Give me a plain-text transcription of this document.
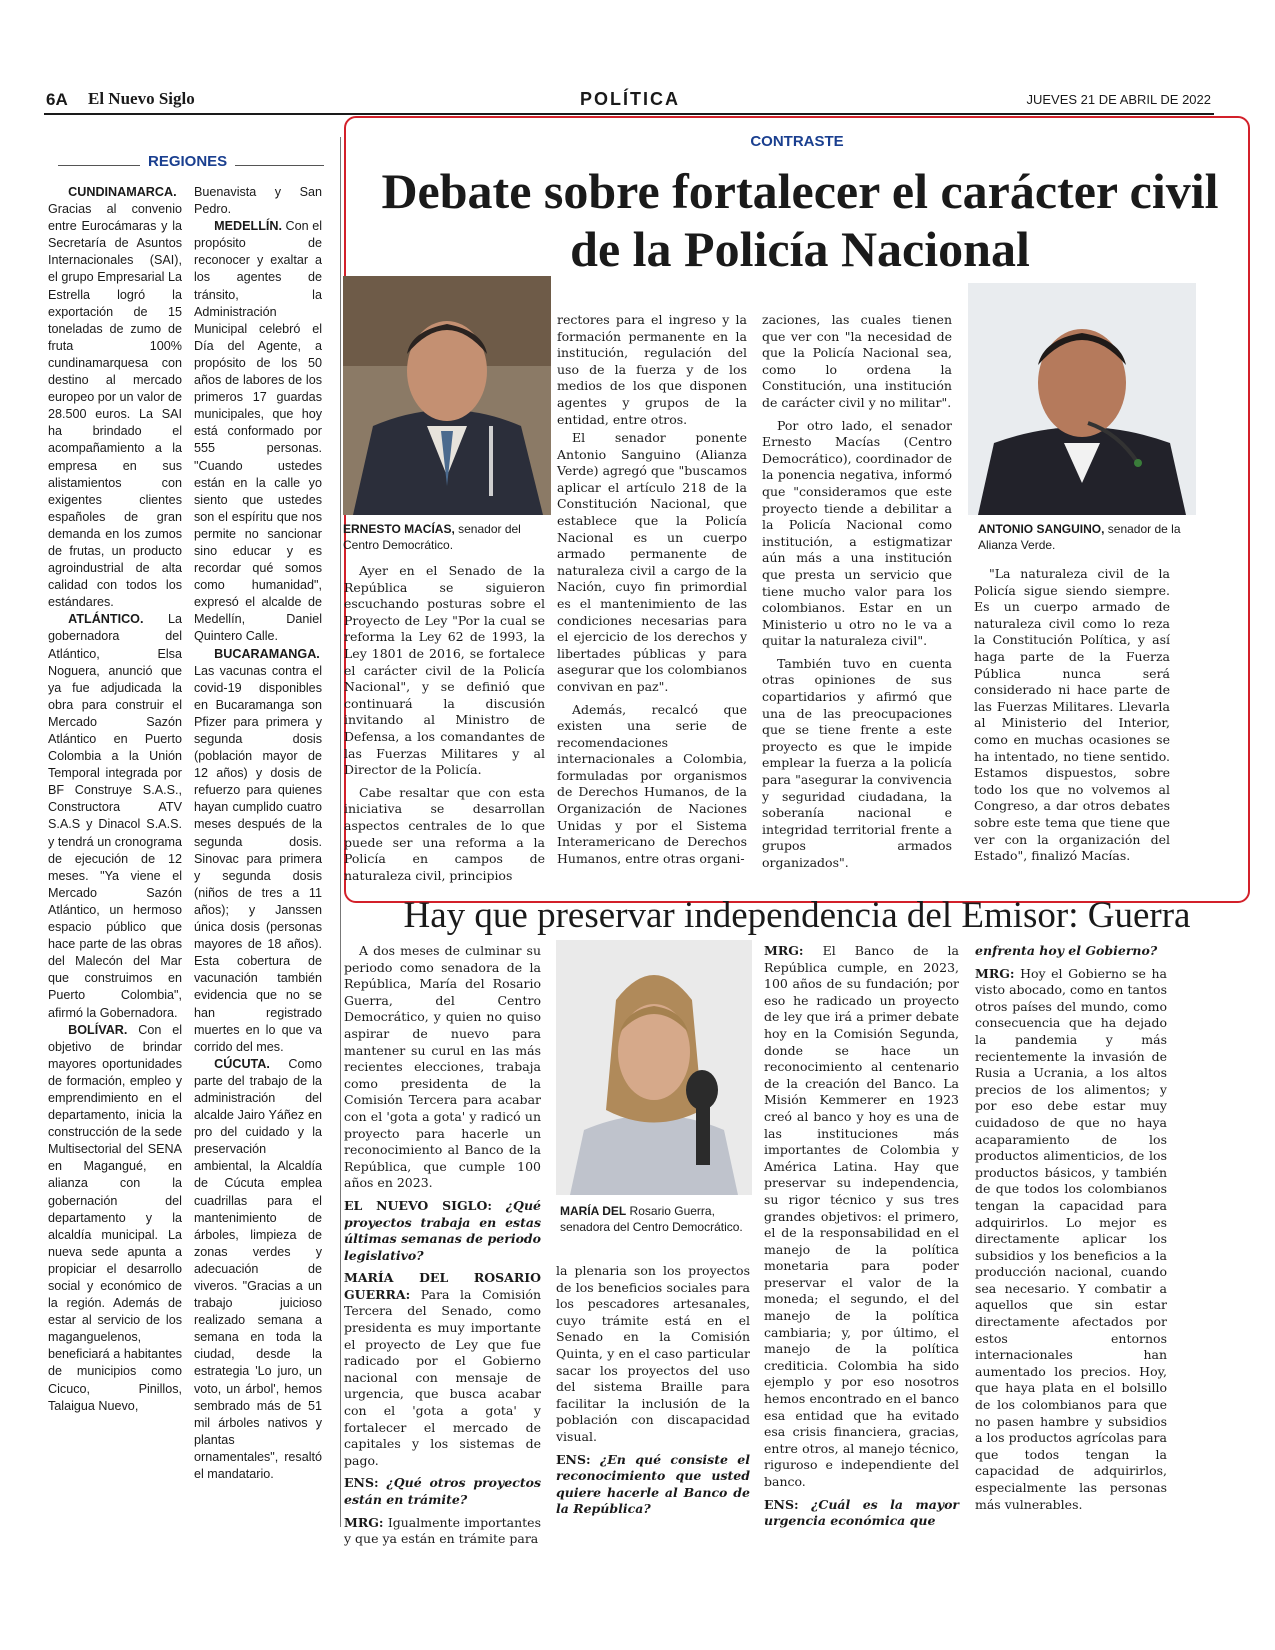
6A El Nuevo Siglo	POLÍTICA	JUEVES 21 DE ABRIL DE 2022
REGIONES

CUNDINAMARCA. Gracias al convenio entre Eurocámaras y la Secretaría de Asuntos Internacionales (SAI), el grupo Empresarial La Estrella logró la exportación de 15 toneladas de zumo de fruta 100% cundinamarquesa con destino al mercado europeo por un valor de 28.500 euros. La SAI ha brindado el acompañamiento a la empresa en sus alistamientos con exigentes clientes españoles de gran demanda en los zumos de frutas, un producto agroindustrial de alta calidad con todos los estándares.

ATLÁNTICO. La gobernadora del Atlántico, Elsa Noguera, anunció que ya fue adjudicada la obra para construir el Mercado Sazón Atlántico en Puerto Colombia a la Unión Temporal integrada por BF Construye S.A.S., Constructora ATV S.A.S y Dinacol S.A.S. y tendrá un cronograma de ejecución de 12 meses. "Ya viene el Mercado Sazón Atlántico, un hermoso espacio público que hace parte de las obras del Malecón del Mar que construimos en Puerto Colombia", afirmó la Gobernadora.

BOLÍVAR. Con el objetivo de brindar mayores oportunidades de formación, empleo y emprendimiento en el departamento, inicia la construcción de la sede Multisectorial del SENA en Magangué, en alianza con la gobernación del departamento y la alcaldía municipal. La nueva sede apunta a propiciar el desarrollo social y económico de la región. Además de estar al servicio de los maganguelenos, beneficiará a habitantes de municipios como Cicuco, Pinillos, Talaigua Nuevo,

Buenavista y San Pedro.

MEDELLÍN. Con el propósito de reconocer y exaltar a los agentes de tránsito, la Administración Municipal celebró el Día del Agente, a propósito de los 50 años de labores de los primeros 17 guardas municipales, que hoy está conformado por 555 personas. "Cuando ustedes están en la calle yo siento que ustedes son el espíritu que nos permite no sancionar sino educar y es recordar qué somos como humanidad", expresó el alcalde de Medellín, Daniel Quintero Calle.

BUCARAMANGA. Las vacunas contra el covid-19 disponibles en Bucaramanga son Pfizer para primera y segunda dosis (población mayor de 12 años) y dosis de refuerzo para quienes hayan cumplido cuatro meses después de la segunda dosis. Sinovac para primera y segunda dosis (niños de tres a 11 años); y Janssen única dosis (personas mayores de 18 años). Esta cobertura de vacunación también evidencia que no se han registrado muertes en lo que va corrido del mes.

CÚCUTA. Como parte del trabajo de la administración del alcalde Jairo Yáñez en pro del cuidado y la preservación ambiental, la Alcaldía de Cúcuta emplea cuadrillas para el mantenimiento de árboles, limpieza de zonas verdes y adecuación de viveros. "Gracias a un trabajo juicioso realizado semana a semana en toda la ciudad, desde la estrategia 'Lo juro, un voto, un árbol', hemos sembrado más de 51 mil árboles nativos y plantas ornamentales", resaltó el mandatario.

CONTRASTE
Debate sobre fortalecer el carácter civil de la Policía Nacional
ERNESTO MACÍAS, senador del Centro Democrático.
ANTONIO SANGUINO, senador de la Alianza Verde.

Ayer en el Senado de la República se siguieron escuchando posturas sobre el Proyecto de Ley "Por la cual se reforma la Ley 62 de 1993, la Ley 1801 de 2016, se fortalece el carácter civil de la Policía Nacional", y se definió que continuará la discusión invitando al Ministro de Defensa, a los comandantes de las Fuerzas Militares y al Director de la Policía.

Cabe resaltar que con esta iniciativa se desarrollan aspectos centrales de lo que puede ser una reforma a la Policía en campos de naturaleza civil, principios

rectores para el ingreso y la formación permanente en la institución, regulación del uso de la fuerza y de los medios de los que disponen agentes y grupos de la entidad, entre otros.

El senador ponente Antonio Sanguino (Alianza Verde) agregó que "buscamos aplicar el artículo 218 de la Constitución Nacional, que establece que la Policía Nacional es un cuerpo armado permanente de naturaleza civil a cargo de la Nación, cuyo fin primordial es el mantenimiento de las condiciones necesarias para el ejercicio de los derechos y libertades públicas y para asegurar que los colombianos convivan en paz".

Además, recalcó que existen una serie de recomendaciones internacionales a Colombia, formuladas por organismos de Derechos Humanos, de la Organización de Naciones Unidas y por el Sistema Interamericano de Derechos Humanos, entre otras organi-

zaciones, las cuales tienen que ver con "la necesidad de que la Policía Nacional sea, como lo ordena la Constitución, una institución de carácter civil y no militar".

Por otro lado, el senador Ernesto Macías (Centro Democrático), coordinador de la ponencia negativa, informó que "consideramos que este proyecto tiende a debilitar a la Policía Nacional como institución, a estigmatizar aún más a una institución que presta un servicio que tiene mucho valor para los colombianos. Estar en un Ministerio u otro no le va a quitar la naturaleza civil".

También tuvo en cuenta otras opiniones de sus copartidarios y afirmó que una de las preocupaciones que se tiene frente a este proyecto es que le impide emplear la fuerza a la policía para "asegurar la convivencia y seguridad ciudadana, la soberanía nacional e integridad territorial frente a grupos armados organizados".

"La naturaleza civil de la Policía sigue siendo siempre. Es un cuerpo armado de naturaleza civil como lo reza la Constitución Política, y así haga parte de la Fuerza Pública nunca será considerado ni hace parte de las Fuerzas Militares. Llevarla al Ministerio del Interior, como en muchas ocasiones se ha intentado, no tiene sentido. Estamos dispuestos, sobre todo los que no volvemos al Congreso, a dar otros debates sobre este tema que tiene que ver con la organización del Estado", finalizó Macías.

Hay que preservar independencia del Emisor: Guerra

A dos meses de culminar su periodo como senadora de la República, María del Rosario Guerra, del Centro Democrático, y quien no quiso aspirar de nuevo para mantener su curul en las más recientes elecciones, trabaja como presidenta de la Comisión Tercera para acabar con el 'gota a gota' y radicó un proyecto para hacerle un reconocimiento al Banco de la República, que cumple 100 años en 2023.

EL NUEVO SIGLO: ¿Qué proyectos trabaja en estas últimas semanas de periodo legislativo?

MARÍA DEL ROSARIO GUERRA: Para la Comisión Tercera del Senado, como presidenta es muy importante el proyecto de Ley que fue radicado por el Gobierno nacional con mensaje de urgencia, que busca acabar con el 'gota a gota' y fortalecer el mercado de capitales y los sistemas de pago.

ENS: ¿Qué otros proyectos están en trámite?

MRG: Igualmente importantes y que ya están en trámite para

MARÍA DEL Rosario Guerra, senadora del Centro Democrático.

la plenaria son los proyectos de los beneficios sociales para los pescadores artesanales, cuyo trámite está en el Senado en la Comisión Quinta, y en el caso particular sacar los proyectos del uso del sistema Braille para facilitar la inclusión de la población con discapacidad visual.

ENS: ¿En qué consiste el reconocimiento que usted quiere hacerle al Banco de la República?

MRG: El Banco de la República cumple, en 2023, 100 años de su fundación; por eso he radicado un proyecto de ley que irá a primer debate hoy en la Comisión Segunda, donde se hace un reconocimiento al centenario de la creación del Banco. La Misión Kemmerer en 1923 creó al banco y hoy es una de las instituciones más importantes de Colombia y América Latina. Hay que preservar su independencia, su rigor técnico y sus tres grandes objetivos: el primero, el de la responsabilidad en el manejo de la política monetaria para poder preservar el valor de la moneda; el segundo, el del manejo de la política cambiaria; y, por último, el manejo de la política crediticia. Colombia ha sido ejemplo y por eso nosotros hemos encontrado en el banco esa entidad que ha evitado esa crisis financiera, gracias, entre otros, al manejo técnico, riguroso e independiente del banco.

ENS: ¿Cuál es la mayor urgencia económica que

enfrenta hoy el Gobierno?

MRG: Hoy el Gobierno se ha visto abocado, como en tantos otros países del mundo, como consecuencia que ha dejado la pandemia y más recientemente la invasión de Rusia a Ucrania, a los altos precios de los alimentos; y por eso debe estar muy cuidadoso de que no haya acaparamiento de los productos alimenticios, de los productos básicos, y también de que todos los colombianos tengan la capacidad para adquirirlos. Lo mejor es directamente aplicar los subsidios y los beneficios a la producción nacional, cuando sea necesario. Y combatir a aquellos que sin estar directamente afectados por estos entornos internacionales han aumentado los precios. Hoy, que haya plata en el bolsillo de los colombianos para que no pasen hambre y subsidios a los productos agrícolas para que todos tengan la capacidad de adquirirlos, especialmente las personas más vulnerables.
